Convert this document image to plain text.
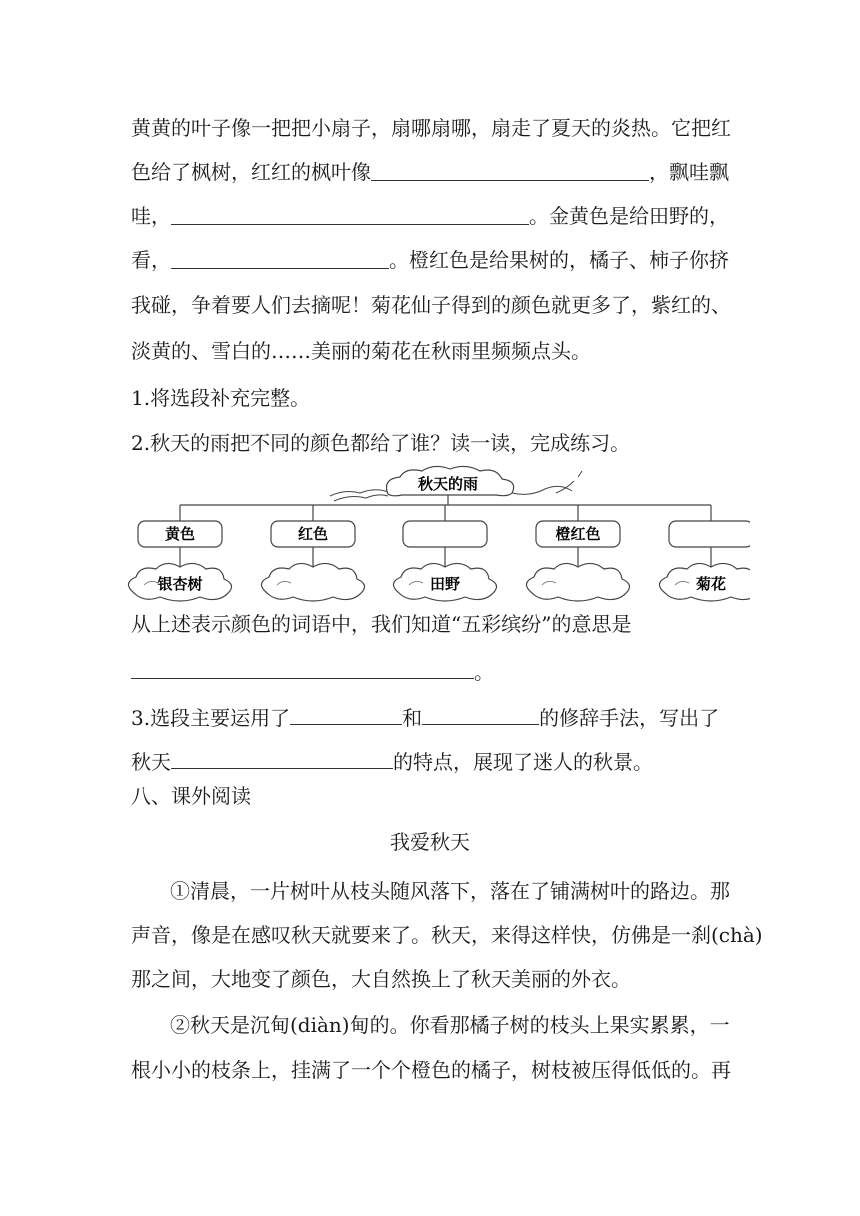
黄黄的叶子像一把把小扇子，扇哪扇哪，扇走了夏天的炎热。它把红
色给了枫树，红红的枫叶像	，飘哇飘
哇，	。金黄色是给田野的，
看，	。橙红色是给果树的，橘子、柿子你挤
我碰，争着要人们去摘呢！菊花仙子得到的颜色就更多了，紫红的、
淡黄的、雪白的……美丽的菊花在秋雨里频频点头。
1.将选段补充完整。
2.秋天的雨把不同的颜色都给了谁？读一读，完成练习。
秋天的雨
黄色
银杏树
红色
田野
橙红色
菊花
从上述表示颜色的词语中，我们知道“五彩缤纷”的意思是
。
3.选段主要运用了	和	的修辞手法，写出了
秋天	的特点，展现了迷人的秋景。
八、课外阅读
我爱秋天
①清晨，一片树叶从枝头随风落下，落在了铺满树叶的路边。那
声音，像是在感叹秋天就要来了。秋天，来得这样快，仿佛是一刹(chà)
那之间，大地变了颜色，大自然换上了秋天美丽的外衣。
②秋天是沉甸(diàn)甸的。你看那橘子树的枝头上果实累累，一
根小小的枝条上，挂满了一个个橙色的橘子，树枝被压得低低的。再
